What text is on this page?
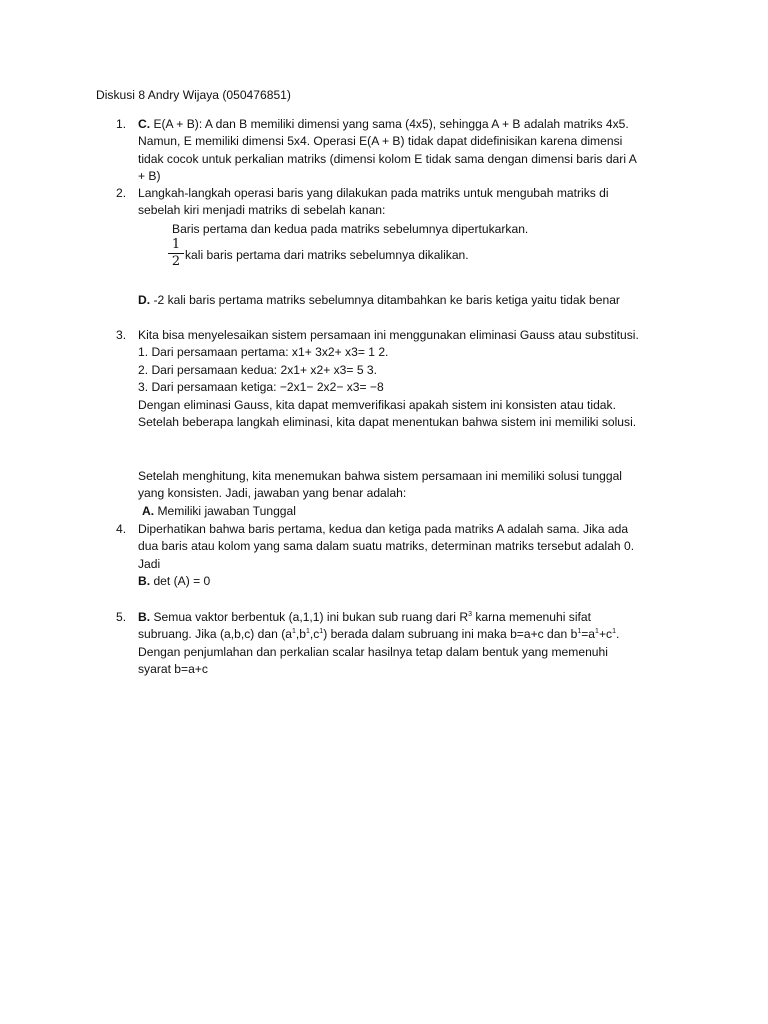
Diskusi 8 Andry Wijaya (050476851)
1. C. E(A + B): A dan B memiliki dimensi yang sama (4x5), sehingga A + B adalah matriks 4x5.
Namun, E memiliki dimensi 5x4. Operasi E(A + B) tidak dapat didefinisikan karena dimensi
tidak cocok untuk perkalian matriks (dimensi kolom E tidak sama dengan dimensi baris dari A
+ B)
2. Langkah-langkah operasi baris yang dilakukan pada matriks untuk mengubah matriks di
sebelah kiri menjadi matriks di sebelah kanan:
Baris pertama dan kedua pada matriks sebelumnya dipertukarkan.
1
2 kali baris pertama dari matriks sebelumnya dikalikan.
D. -2 kali baris pertama matriks sebelumnya ditambahkan ke baris ketiga yaitu tidak benar
3. Kita bisa menyelesaikan sistem persamaan ini menggunakan eliminasi Gauss atau substitusi.
1. Dari persamaan pertama: x1+ 3x2+ x3= 1 2.
2. Dari persamaan kedua: 2x1+ x2+ x3= 5 3.
3. Dari persamaan ketiga: −2x1− 2x2− x3= −8
Dengan eliminasi Gauss, kita dapat memverifikasi apakah sistem ini konsisten atau tidak.
Setelah beberapa langkah eliminasi, kita dapat menentukan bahwa sistem ini memiliki solusi.
Setelah menghitung, kita menemukan bahwa sistem persamaan ini memiliki solusi tunggal
yang konsisten. Jadi, jawaban yang benar adalah:
A. Memiliki jawaban Tunggal
4. Diperhatikan bahwa baris pertama, kedua dan ketiga pada matriks A adalah sama. Jika ada
dua baris atau kolom yang sama dalam suatu matriks, determinan matriks tersebut adalah 0.
Jadi
B. det (A) = 0
5. B. Semua vaktor berbentuk (a,1,1) ini bukan sub ruang dari $R^3$ karna memenuhi sifat
subruang. Jika (a,b,c) dan $(a^1,b^1,c^1)$ berada dalam subruang ini maka b=a+c dan $b^1=a^1+c^1$.
Dengan penjumlahan dan perkalian scalar hasilnya tetap dalam bentuk yang memenuhi
syarat b=a+c
